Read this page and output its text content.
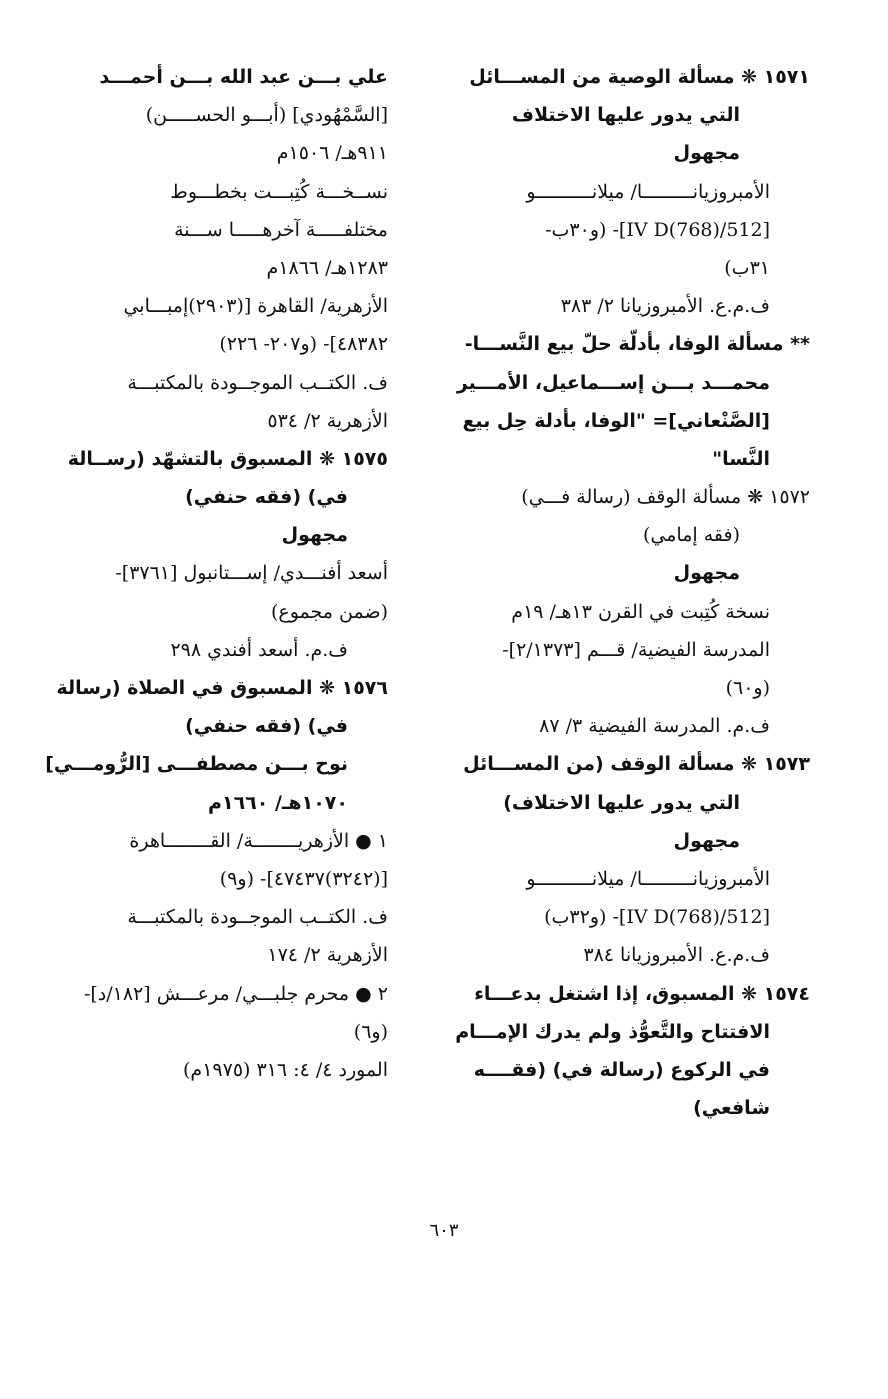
١٥٧١ ❋ مسألة الوصية من المســـائل
التي يدور عليها الاختلاف
مجهول
الأمبروزيانـــــــــا/ ميلانــــــــــو
[512/IV D(768)]- (و٣٠ب-
٣١ب)
ف.م.ع. الأمبروزيانا ٢/ ٣٨٣
** مسألة الوفا، بأدلّة حلّ بيع النَّســـا-
محمـــد بـــن إســـماعيل، الأمـــير
[الصَّنْعاني]= "الوفا، بأدلة حِل بيع
النَّسا"
١٥٧٢ ❋ مسألة الوقف (رسالة فـــي)
(فقه إمامي)
مجهول
نسخة كُتِبت في القرن ١٣هـ/ ١٩م
المدرسة الفيضية/ قـــم [٢/١٣٧٣]-
(و٦٠)
ف.م. المدرسة الفيضية ٣/ ٨٧
١٥٧٣ ❋ مسألة الوقف (من المســـائل
التي يدور عليها الاختلاف)
مجهول
الأمبروزيانـــــــــا/ ميلانــــــــــو
[512/IV D(768)]- (و٣٢ب)
ف.م.ع. الأمبروزيانا ٣٨٤
١٥٧٤ ❋ المسبوق، إذا اشتغل بدعـــاء
الافتتاح والتَّعوُّذ ولم يدرك الإمـــام
في الركوع (رسالة في) (فقــــه
شافعي)
علي بـــن عبد الله بـــن أحمـــد
[السَّمْهُودي] (أبـــو الحســـــن)
٩١١هـ/ ١٥٠٦م
نســخـــة كُتِبـــت بخطـــوط
مختلفـــــة آخرهـــــا ســـنة
١٢٨٣هـ/ ١٨٦٦م
الأزهرية/ القاهرة [(٢٩٠٣)إمبـــابي
٤٨٣٨٢]- (و٢٠٧- ٢٢٦)
ف. الكتــب الموجــودة بالمكتبـــة
الأزهرية ٢/ ٥٣٤
١٥٧٥ ❋ المسبوق بالتشهّد (رســالة
في) (فقه حنفي)
مجهول
أسعد أفنـــدي/ إســـتانبول [٣٧٦١]-
(ضمن مجموع)
ف.م. أسعد أفندي ٢٩٨
١٥٧٦ ❋ المسبوق في الصلاة (رسالة
في) (فقه حنفي)
نوح بـــن مصطفـــى [الرُّومـــي]
١٠٧٠هـ/ ١٦٦٠م
١ ● الأزهريــــــــة/ القــــــــاهرة
[(٣٢٤٢)٤٧٤٣٧]- (و٩)
ف. الكتــب الموجــودة بالمكتبـــة
الأزهرية ٢/ ١٧٤
٢ ● محرم جلبـــي/ مرعـــش [١٨٢/د]-
(و٦)
المورد ٤/ ٤: ٣١٦ (١٩٧٥م)
٦٠٣
